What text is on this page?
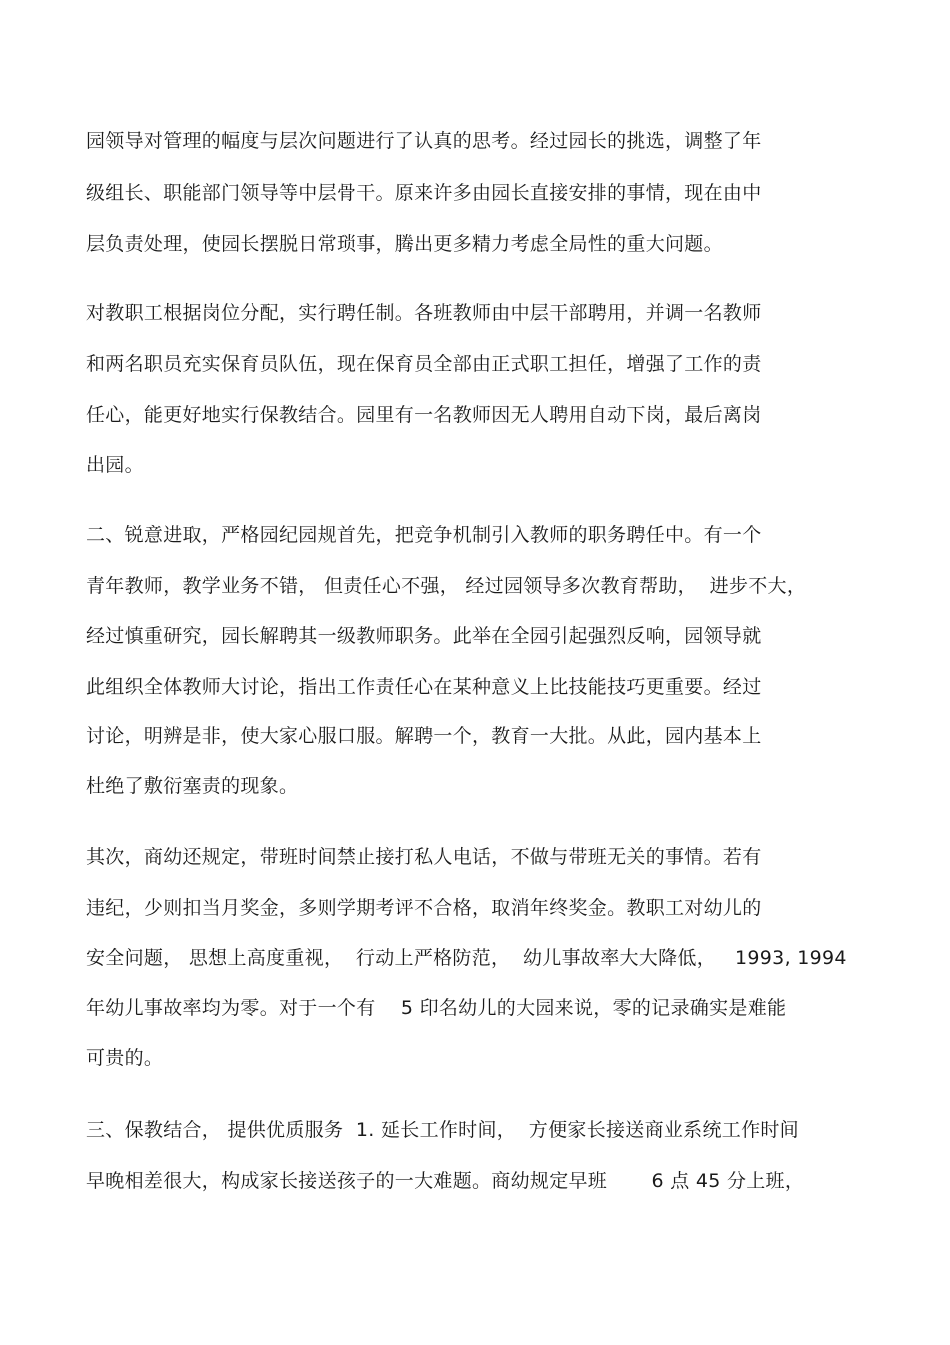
园领导对管理的幅度与层次问题进行了认真的思考。经过园长的挑选，调整了年
级组长、职能部门领导等中层骨干。原来许多由园长直接安排的事情，现在由中
层负责处理，使园长摆脱日常琐事，腾出更多精力考虑全局性的重大问题。
对教职工根据岗位分配，实行聘任制。各班教师由中层干部聘用，并调一名教师
和两名职员充实保育员队伍，现在保育员全部由正式职工担任，增强了工作的责
任心，能更好地实行保教结合。园里有一名教师因无人聘用自动下岗，最后离岗
出园。
二、锐意进取，严格园纪园规首先，把竞争机制引入教师的职务聘任中。有一个
青年教师，教学业务不错， 但责任心不强， 经过园领导多次教育帮助，  进步不大，
经过慎重研究，园长解聘其一级教师职务。此举在全园引起强烈反响，园领导就
此组织全体教师大讨论，指出工作责任心在某种意义上比技能技巧更重要。经过
讨论，明辨是非，使大家心服口服。解聘一个，教育一大批。从此，园内基本上
杜绝了敷衍塞责的现象。
其次，商幼还规定，带班时间禁止接打私人电话，不做与带班无关的事情。若有
违纪，少则扣当月奖金，多则学期考评不合格，取消年终奖金。教职工对幼儿的
安全问题， 思想上高度重视，  行动上严格防范，  幼儿事故率大大降低，   1993, 1994
年幼儿事故率均为零。对于一个有    5 印名幼儿的大园来说，零的记录确实是难能
可贵的。
三、保教结合， 提供优质服务  1. 延长工作时间，  方便家长接送商业系统工作时间
早晚相差很大，构成家长接送孩子的一大难题。商幼规定早班       6 点 45 分上班，
